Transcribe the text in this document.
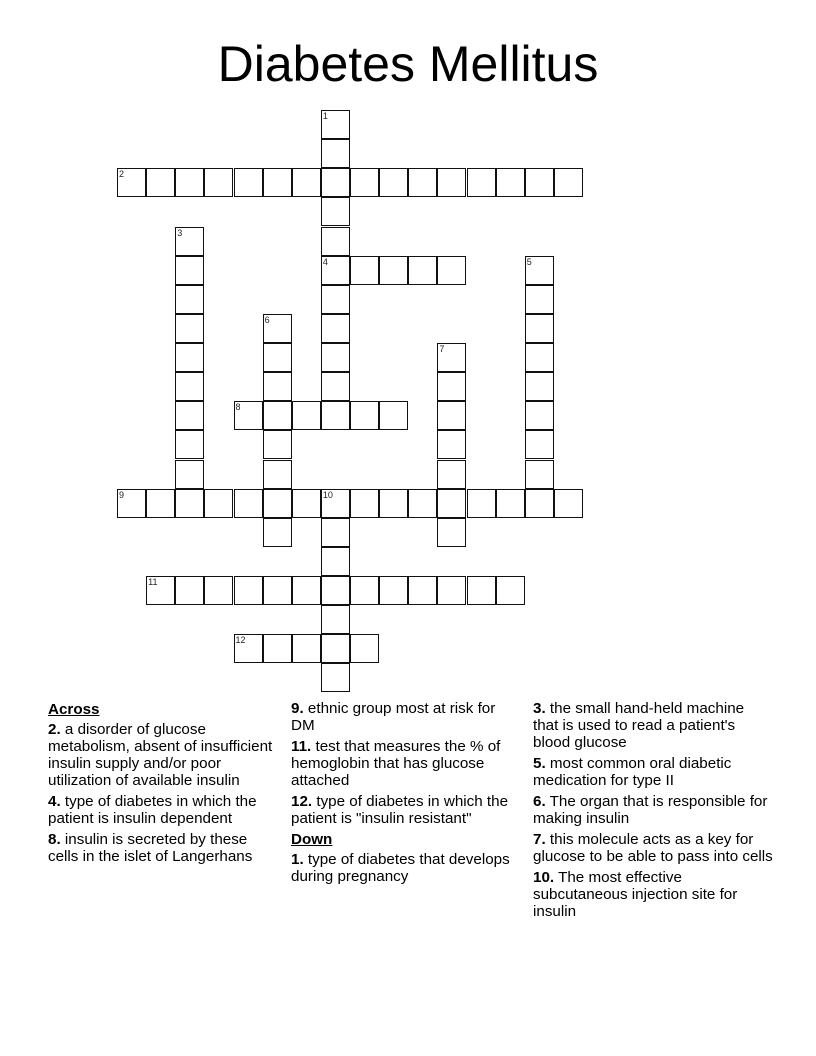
Diabetes Mellitus
1
4
2
3
5
6
7
8
9	10
11
12
Across
2. a disorder of glucose metabolism, absent of insufficient insulin supply and/or poor utilization of available insulin
4. type of diabetes in which the patient is insulin dependent
8. insulin is secreted by these cells in the islet of Langerhans
9. ethnic group most at risk for DM
11. test that measures the % of hemoglobin that has glucose attached
12. type of diabetes in which the patient is "insulin resistant"
Down
1. type of diabetes that develops during pregnancy
3. the small hand-held machine that is used to read a patient's blood glucose
5. most common oral diabetic medication for type II
6. The organ that is responsible for making insulin
7. this molecule acts as a key for glucose to be able to pass into cells
10. The most effective subcutaneous injection site for insulin
